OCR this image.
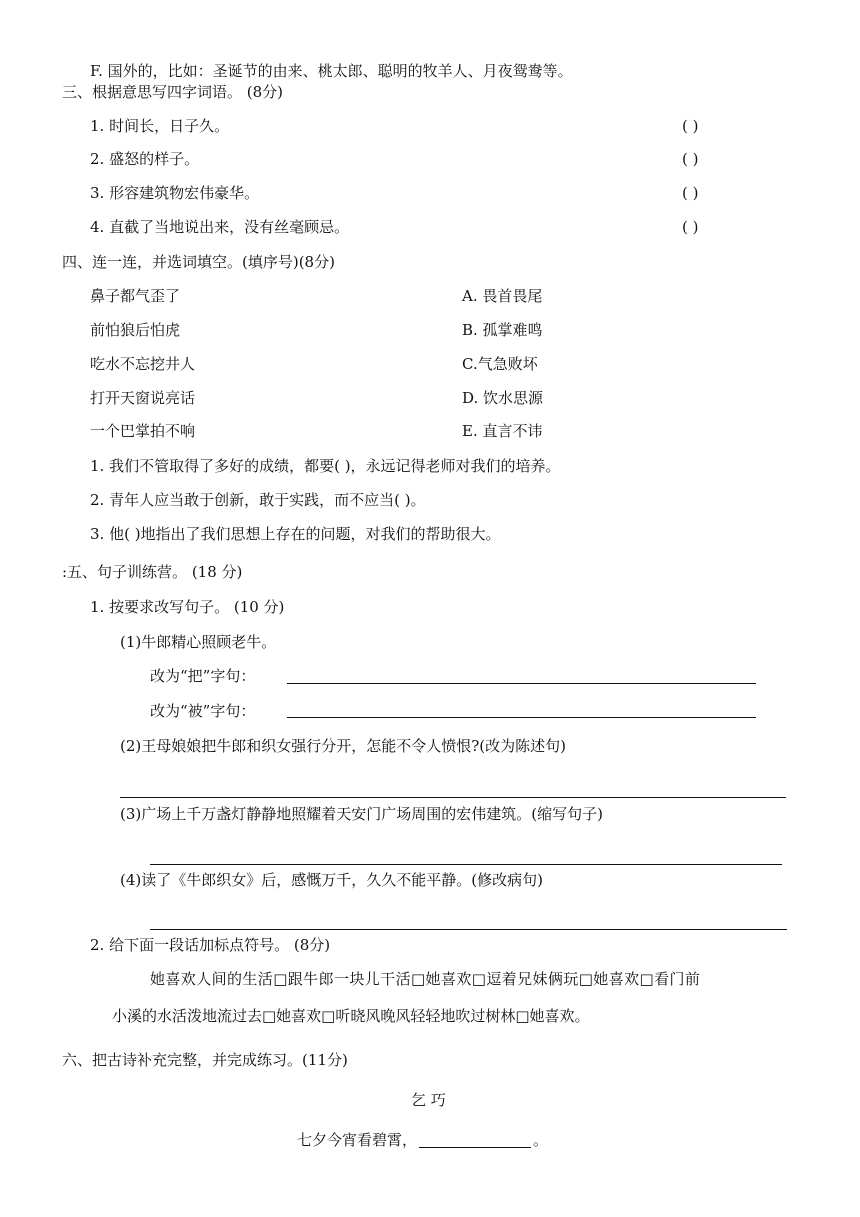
F. 国外的，比如：圣诞节的由来、桃太郎、聪明的牧羊人、月夜鸳鸯等。
三、根据意思写四字词语。 (8分)
1. 时间长，日子久。	( )
2. 盛怒的样子。	( )
3. 形容建筑物宏伟豪华。	( )
4. 直截了当地说出来，没有丝毫顾忌。	( )
四、连一连，并选词填空。(填序号)(8分)
鼻子都气歪了	A. 畏首畏尾
前怕狼后怕虎	B. 孤掌难鸣
吃水不忘挖井人	C.气急败坏
打开天窗说亮话	D. 饮水思源
一个巴掌拍不响	E. 直言不讳
1. 我们不管取得了多好的成绩，都要( )，永远记得老师对我们的培养。
2. 青年人应当敢于创新，敢于实践，而不应当( )。
3. 他( )地指出了我们思想上存在的问题，对我们的帮助很大。
:五、句子训练营。 (18 分)
1. 按要求改写句子。 (10 分)
(1)牛郎精心照顾老牛。
改为“把”字句：
改为“被”字句：
(2)王母娘娘把牛郎和织女强行分开，怎能不令人愤恨?(改为陈述句)
(3)广场上千万盏灯静静地照耀着天安门广场周围的宏伟建筑。(缩写句子)
(4)读了《牛郎织女》后，感慨万千，久久不能平静。(修改病句)
2. 给下面一段话加标点符号。 (8分)
她喜欢人间的生活□跟牛郎一块儿干活□她喜欢□逗着兄妹俩玩□她喜欢□看门前
小溪的水活泼地流过去□她喜欢□听晓风晚风轻轻地吹过树林□她喜欢。
六、把古诗补充完整，并完成练习。(11分)
乞 巧
七夕今宵看碧霄，	。
